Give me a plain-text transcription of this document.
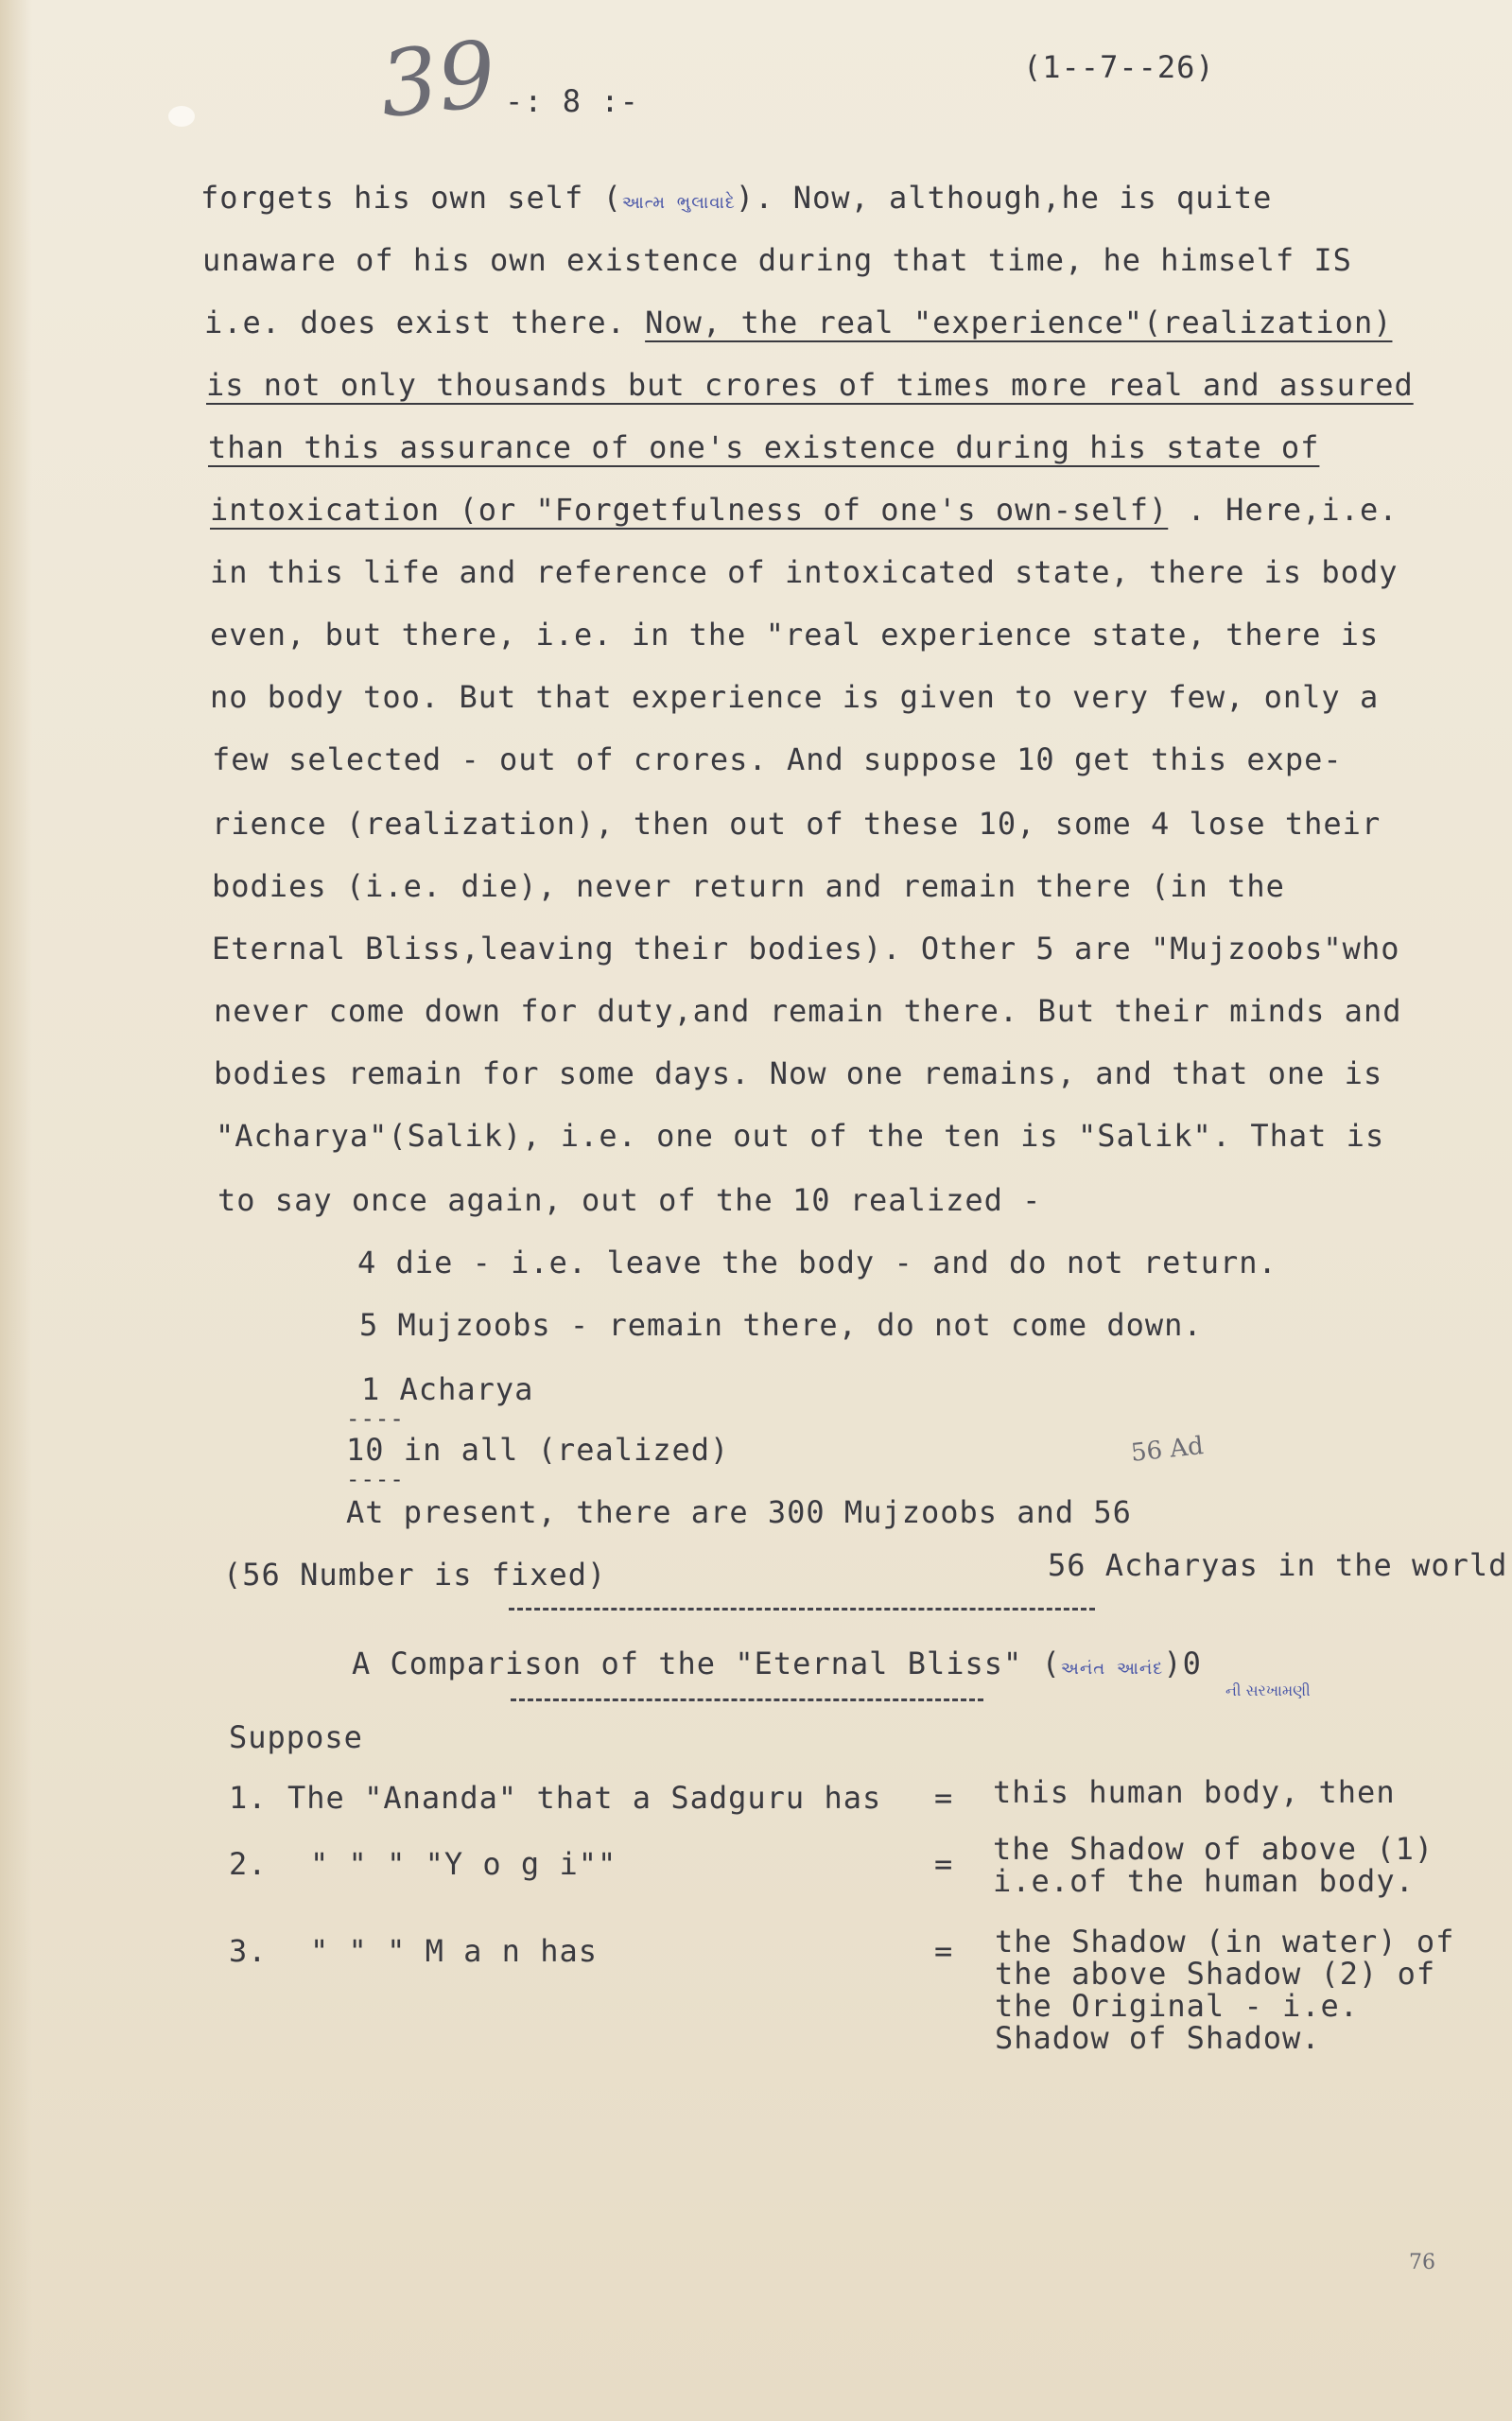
39 -: 8 :-
(1--7--26)
forgets his own self (આત્મ ભુલાવાદે). Now, although,he is quite
unaware of his own existence during that time, he himself IS
i.e. does exist there. Now, the real "experience"(realization)
is not only thousands but crores of times more real and assured
than this assurance of one's existence during his state of
intoxication (or "Forgetfulness of one's own-self) . Here,i.e.
in this life and reference of intoxicated state, there is body
even, but there, i.e. in the "real experience state, there is
no body too. But that experience is given to very few, only a
few selected - out of crores. And suppose 10 get this expe-
rience (realization), then out of these 10, some 4 lose their
bodies (i.e. die), never return and remain there (in the
Eternal Bliss,leaving their bodies). Other 5 are "Mujzoobs"who
never come down for duty,and remain there. But their minds and
bodies remain for some days. Now one remains, and that one is
"Acharya"(Salik), i.e. one out of the ten is "Salik". That is
to say once again, out of the 10 realized -
4 die - i.e. leave the body - and do not return.
5 Mujzoobs - remain there, do not come down.
1 Acharya
----
10 in all (realized)
----
56 Ad
At present, there are 300 Mujzoobs and 56
(56 Number is fixed)	56 Acharyas in the world
A Comparison of the "Eternal Bliss" (અનંત આનંદ)0
ની સરખામણી
Suppose
1. The "Ananda" that a Sadguru has = this human body, then
2. " " " "Y o g i""	= the Shadow of above (1)
i.e.of the human body.
3. " " " M a n has	= the Shadow (in water) of
the above Shadow (2) of
the Original - i.e.
Shadow of Shadow.
76
